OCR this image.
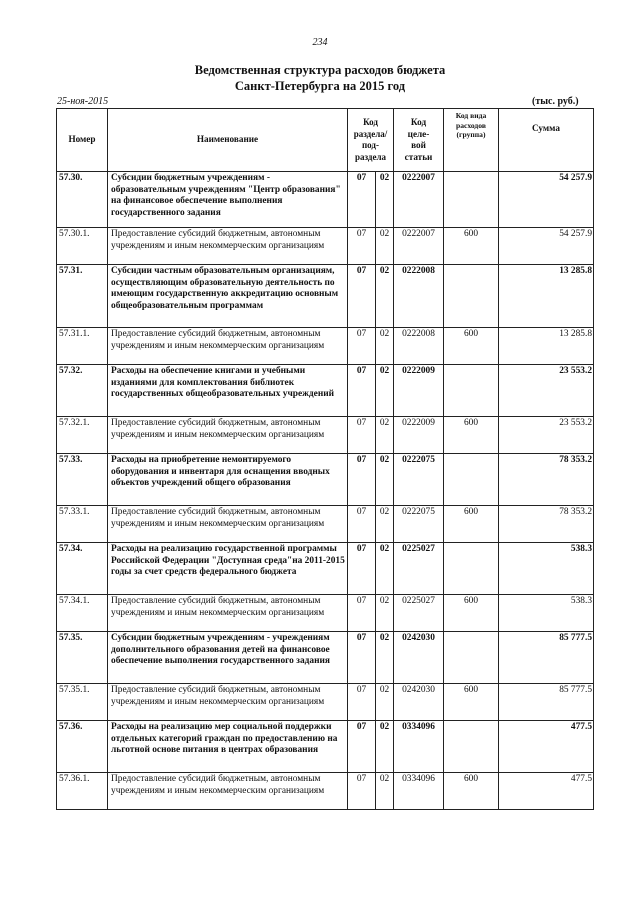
234
Ведомственная структура расходов бюджета
Санкт-Петербурга на 2015 год
25-ноя-2015	(тыс. руб.)
Номер	Наименование	Код раздела/ под- раздела		Код целе- вой статьи	Код вида расходов (группа)	Сумма
57.30.	Субсидии бюджетным учреждениям - образовательным учреждениям "Центр образования" на финансовое обеспечение выполнения государственного задания	07	02	0222007		54 257.9
57.30.1.	Предоставление субсидий бюджетным, автономным учреждениям и иным некоммерческим организациям	07	02	0222007	600	54 257.9
57.31.	Субсидии частным образовательным организациям, осуществляющим образовательную деятельность по имеющим государственную аккредитацию основным общеобразовательным программам	07	02	0222008		13 285.8
57.31.1.	Предоставление субсидий бюджетным, автономным учреждениям и иным некоммерческим организациям	07	02	0222008	600	13 285.8
57.32.	Расходы на обеспечение книгами и учебными изданиями для комплектования библиотек государственных общеобразовательных учреждений	07	02	0222009		23 553.2
57.32.1.	Предоставление субсидий бюджетным, автономным учреждениям и иным некоммерческим организациям	07	02	0222009	600	23 553.2
57.33.	Расходы на приобретение немонтируемого оборудования и инвентаря для оснащения вводных объектов учреждений общего образования	07	02	0222075		78 353.2
57.33.1.	Предоставление субсидий бюджетным, автономным учреждениям и иным некоммерческим организациям	07	02	0222075	600	78 353.2
57.34.	Расходы на реализацию государственной программы Российской Федерации "Доступная среда"на 2011-2015 годы за счет средств федерального бюджета	07	02	0225027		538.3
57.34.1.	Предоставление субсидий бюджетным, автономным учреждениям и иным некоммерческим организациям	07	02	0225027	600	538.3
57.35.	Субсидии бюджетным учреждениям - учреждениям дополнительного образования детей на финансовое обеспечение выполнения государственного задания	07	02	0242030		85 777.5
57.35.1.	Предоставление субсидий бюджетным, автономным учреждениям и иным некоммерческим организациям	07	02	0242030	600	85 777.5
57.36.	Расходы на реализацию мер социальной поддержки отдельных категорий граждан по предоставлению на льготной основе питания в центрах образования	07	02	0334096		477.5
57.36.1.	Предоставление субсидий бюджетным, автономным учреждениям и иным некоммерческим организациям	07	02	0334096	600	477.5
